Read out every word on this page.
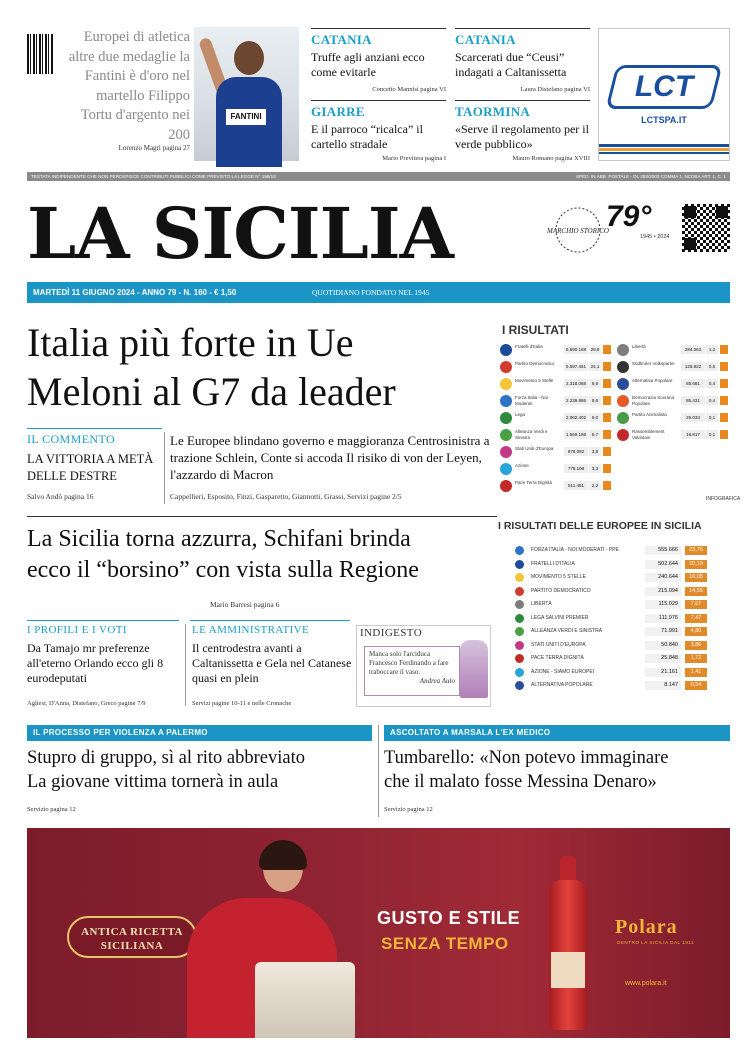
Europei di atletica altre due medaglie la Fantini è d'oro nel martello Filippo Tortu d'argento nei 200
Lorenzo Magrì pagina 27
FANTINI
CATANIA
Truffe agli anziani ecco come evitarle
Concetto Mannisi pagina VI
CATANIA
Scarcerati due “Ceusi” indagati a Caltanissetta
Laura Distefano pagina VI
GIARRE
E il parroco “ricalca” il cartello stradale
Mario Previtera pagina I
TAORMINA
«Serve il regolamento per il verde pubblico»
Mauro Romano pagina XVIII
LCT
LCTSPA.IT
TESTATA INDIPENDENTE CHE NON PERCEPISCE CONTRIBUTI PUBBLICI COME PREVISTO LA LEGGE N° 198/16	SPED. IN ABB. POSTALE - DL 353/2003 COMMA 1, NCDBA ART. 1, C. 1
LA SICILIA	MARCHIO STORICO
79°
1945 • 2024
MARTEDÌ 11 GIUGNO 2024 - ANNO 79 - N. 160 - € 1,50	QUOTIDIANO FONDATO NEL 1945
Italia più forte in Ue
Meloni al G7 da leader
IL COMMENTO
LA VITTORIA A METÀ DELLE DESTRE
Salvo Andò pagina 16
Le Europee blindano governo e maggioranza Centrosinistra a trazione Schlein, Conte si accoda Il risiko di von der Leyen, l'azzardo di Macron
Cappellieri, Esposito, Finzi, Gasparetto, Giannotti, Grassi, Servizi pagine 2/5
I RISULTATI
Fratelli d'Italia
6.690.168	28,8
Partito Democratico
5.597.461	24,1
Movimento 5 Stelle
2.318.068	9,9
Forza Italia - Noi Moderati
2.239.886	9,6
Lega
2.062.402	9,0
Alleanza Verdi e Sinistra
1.569.188	6,7
Stati Uniti d'Europa
878.082	3,8
Azione
778.108	3,3
Pace Terra Dignità
511.451	2,2
Libertà
284.063	1,2
Südtiroler Volkspartei
129.822	0,5
Alternativa Popolare
85.681	0,4
Democrazia Sovrana Popolare
85.431	0,4
Partito Animalista
26.033	0,1
Rassemblement Valdotain
16.817	0,1
INFOGRAFICA
La Sicilia torna azzurra, Schifani brinda
ecco il “borsino” con vista sulla Regione
Mario Barresi pagina 6
I RISULTATI DELLE EUROPEE IN SICILIA
FORZA ITALIA - NOI MODERATI - PPE	555.666	23,75
FRATELLI D'ITALIA	502.644	20,19
MOVIMENTO 5 STELLE	240.644	16,05
PARTITO DEMOCRATICO	215.094	14,55
LIBERTÀ	115.029	7,67
LEGA SALVINI PREMIER	111.976	7,47
ALLEANZA VERDI E SINISTRA	71.991	4,80
STATI UNITI D'EUROPA	50.840	3,86
PACE TERRA DIGNITÀ	25.848	1,72
AZIONE - SIAMO EUROPEI	21.161	1,41
ALTERNATIVA POPOLARE	8.147	0,54
I PROFILI E I VOTI
Da Tamajo mr preferenze all'eterno Orlando ecco gli 8 eurodeputati
Agliesi, D'Anna, Distefano, Greco pagine 7/9
LE AMMINISTRATIVE
Il centrodestra avanti a Caltanissetta e Gela nel Catanese quasi en plein
Servizi pagine 10-11 e nelle Cronache
INDIGESTO
Manca solo l'arciduca Francesco Ferdinando a fare traboccare il vaso.
Andrea Aulo
IL PROCESSO PER VIOLENZA A PALERMO
Stupro di gruppo, sì al rito abbreviato
La giovane vittima tornerà in aula
Servizio pagina 12
ASCOLTATO A MARSALA L'EX MEDICO
Tumbarello: «Non potevo immaginare
che il malato fosse Messina Denaro»
Servizio pagina 12
ANTICA RICETTA
SICILIANA
GUSTO E STILE
SENZA TEMPO
Polara
DENTRO LA SICILIA DAL 1911
www.polara.it
